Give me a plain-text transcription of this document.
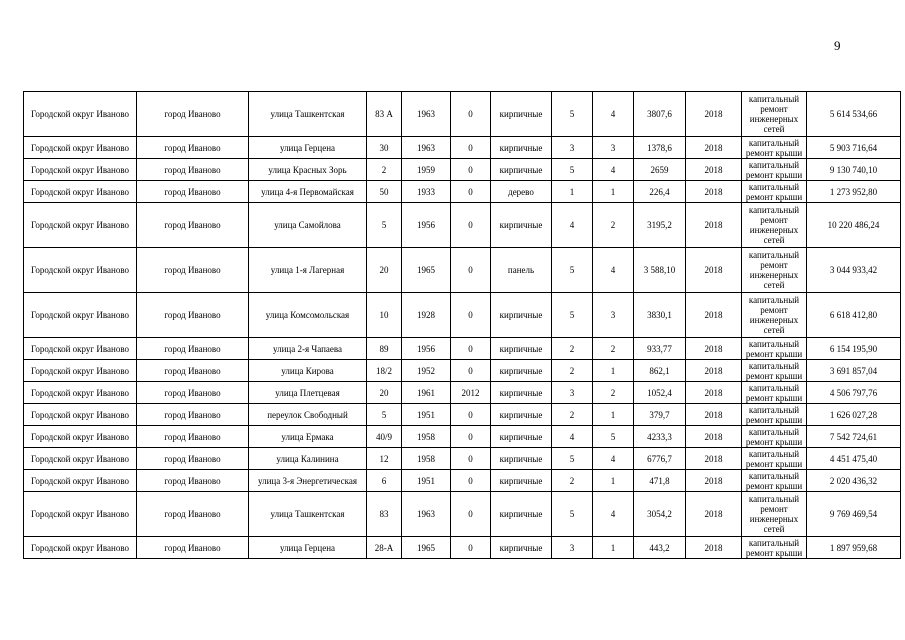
9
Городской округ Иваново	город Иваново	улица Ташкентская	83 А	1963	0	кирпичные	5	4	3807,6	2018	капитальный ремонт инженерных сетей	5 614 534,66
Городской округ Иваново	город Иваново	улица Герцена	30	1963	0	кирпичные	3	3	1378,6	2018	капитальный ремонт крыши	5 903 716,64
Городской округ Иваново	город Иваново	улица Красных Зорь	2	1959	0	кирпичные	5	4	2659	2018	капитальный ремонт крыши	9 130 740,10
Городской округ Иваново	город Иваново	улица 4-я Первомайская	50	1933	0	дерево	1	1	226,4	2018	капитальный ремонт крыши	1 273 952,80
Городской округ Иваново	город Иваново	улица Самойлова	5	1956	0	кирпичные	4	2	3195,2	2018	капитальный ремонт инженерных сетей	10 220 486,24
Городской округ Иваново	город Иваново	улица 1-я Лагерная	20	1965	0	панель	5	4	3 588,10	2018	капитальный ремонт инженерных сетей	3 044 933,42
Городской округ Иваново	город Иваново	улица Комсомольская	10	1928	0	кирпичные	5	3	3830,1	2018	капитальный ремонт инженерных сетей	6 618 412,80
Городской округ Иваново	город Иваново	улица 2-я Чапаева	89	1956	0	кирпичные	2	2	933,77	2018	капитальный ремонт крыши	6 154 195,90
Городской округ Иваново	город Иваново	улица Кирова	18/2	1952	0	кирпичные	2	1	862,1	2018	капитальный ремонт крыши	3 691 857,04
Городской округ Иваново	город Иваново	улица Плетцевая	20	1961	2012	кирпичные	3	2	1052,4	2018	капитальный ремонт крыши	4 506 797,76
Городской округ Иваново	город Иваново	переулок Свободный	5	1951	0	кирпичные	2	1	379,7	2018	капитальный ремонт крыши	1 626 027,28
Городской округ Иваново	город Иваново	улица Ермака	40/9	1958	0	кирпичные	4	5	4233,3	2018	капитальный ремонт крыши	7 542 724,61
Городской округ Иваново	город Иваново	улица Калинина	12	1958	0	кирпичные	5	4	6776,7	2018	капитальный ремонт крыши	4 451 475,40
Городской округ Иваново	город Иваново	улица 3-я Энергетическая	6	1951	0	кирпичные	2	1	471,8	2018	капитальный ремонт крыши	2 020 436,32
Городской округ Иваново	город Иваново	улица Ташкентская	83	1963	0	кирпичные	5	4	3054,2	2018	капитальный ремонт инженерных сетей	9 769 469,54
Городской округ Иваново	город Иваново	улица Герцена	28-А	1965	0	кирпичные	3	1	443,2	2018	капитальный ремонт крыши	1 897 959,68
